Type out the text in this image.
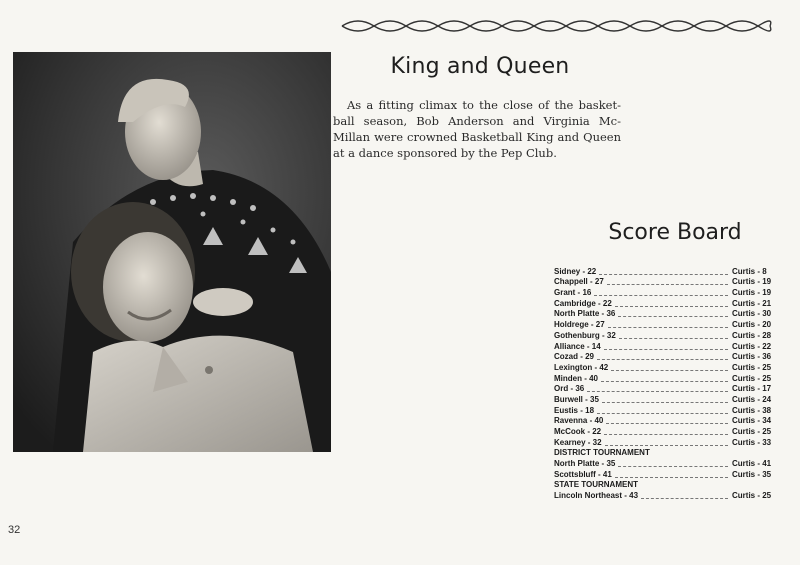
King and Queen
As a fitting climax to the close of the basket-ball season, Bob Anderson and Virginia Mc-Millan were crowned Basketball King and Queen at a dance sponsored by the Pep Club.
Score Board
Sidney - 22	Curtis - 8
Chappell - 27	Curtis - 19
Grant - 16	Curtis - 19
Cambridge - 22	Curtis - 21
North Platte - 36	Curtis - 30
Holdrege - 27	Curtis - 20
Gothenburg - 32	Curtis - 28
Alliance - 14	Curtis - 22
Cozad - 29	Curtis - 36
Lexington - 42	Curtis - 25
Minden - 40	Curtis - 25
Ord - 36	Curtis - 17
Burwell - 35	Curtis - 24
Eustis - 18	Curtis - 38
Ravenna - 40	Curtis - 34
McCook - 22	Curtis - 25
Kearney - 32	Curtis - 33
DISTRICT TOURNAMENT
North Platte - 35	Curtis - 41
Scottsbluff - 41	Curtis - 35
STATE TOURNAMENT
Lincoln Northeast - 43	Curtis - 25
32
